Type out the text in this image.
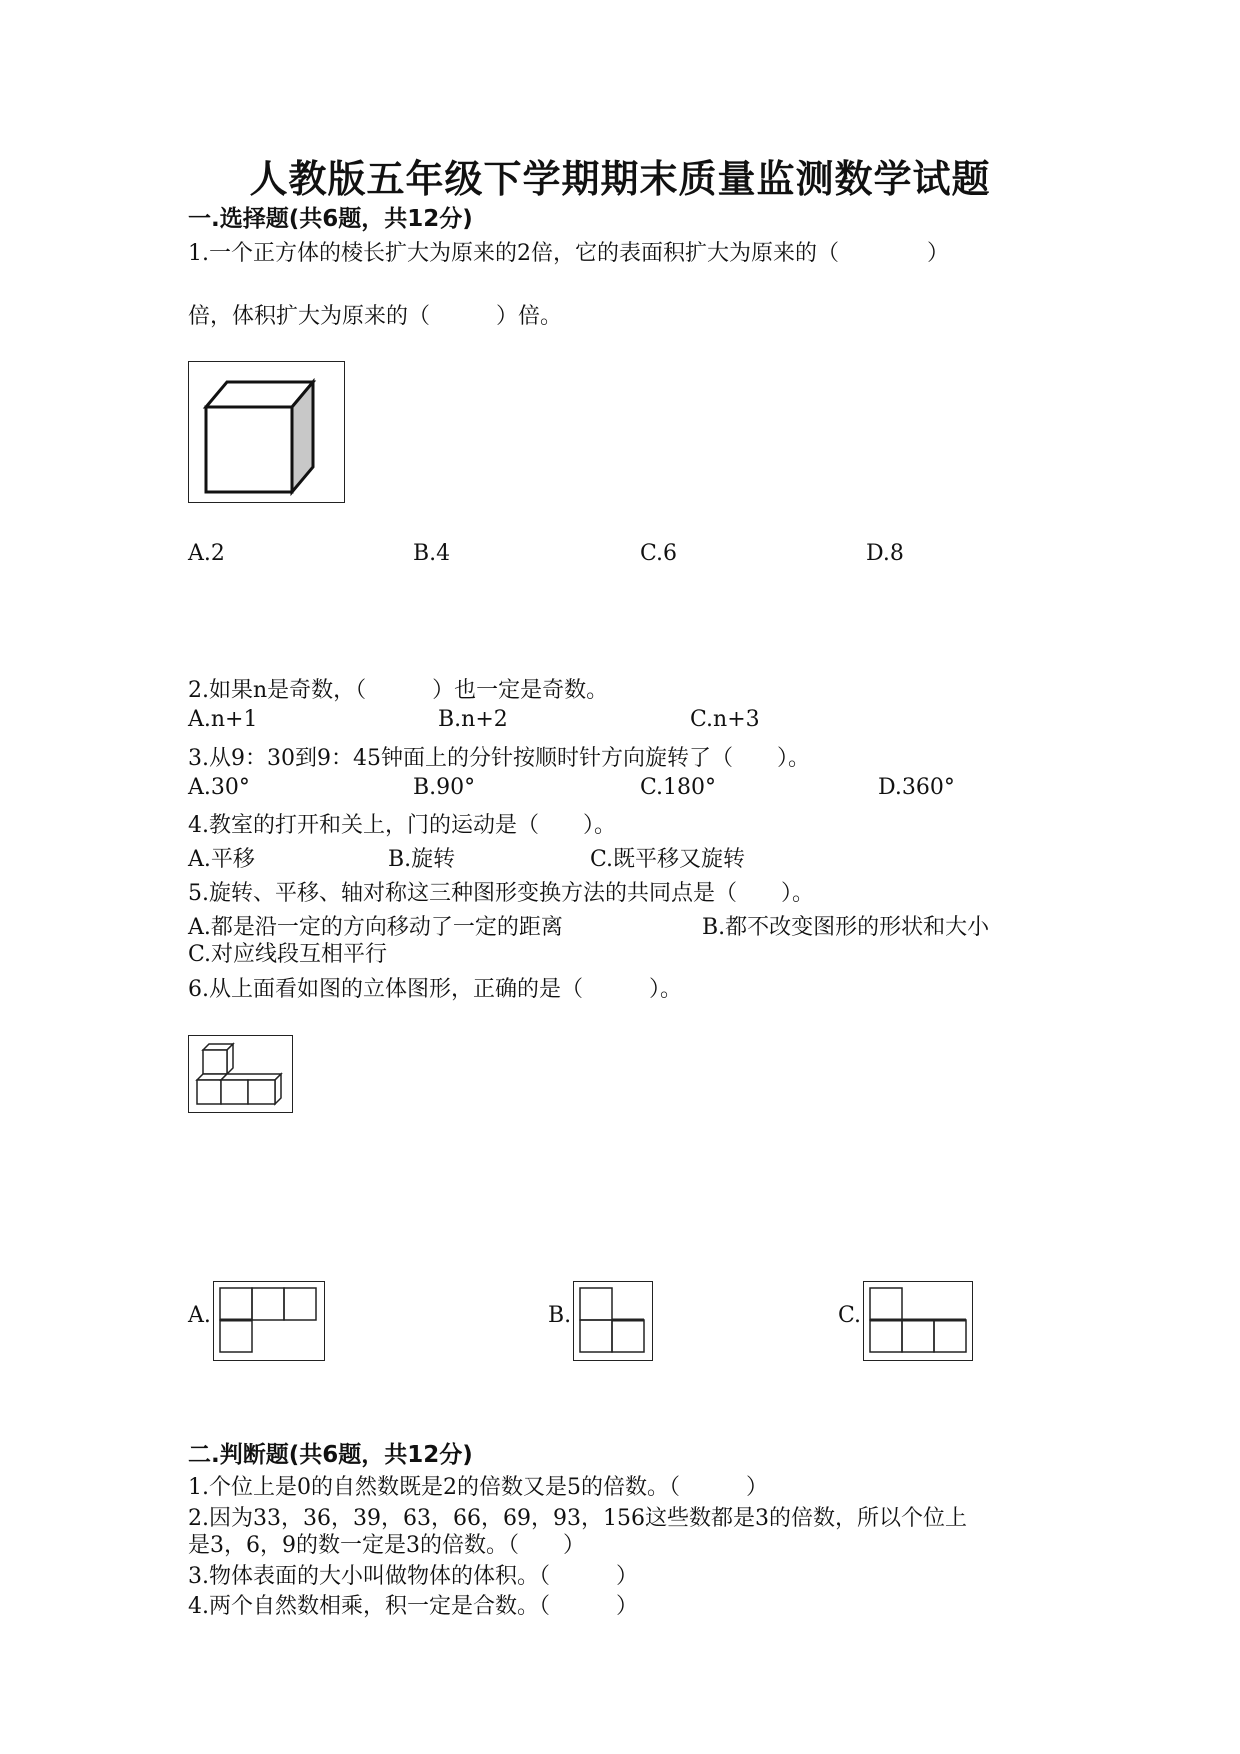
人教版五年级下学期期末质量监测数学试题
一.选择题(共6题，共12分)
1.一个正方体的棱长扩大为原来的2倍，它的表面积扩大为原来的（　　　　）
倍，体积扩大为原来的（　　　）倍。
A.2	B.4	C.6	D.8
2.如果n是奇数，（　　　）也一定是奇数。
A.n+1	B.n+2	C.n+3
3.从9：30到9：45钟面上的分针按顺时针方向旋转了（　　）。
A.30°	B.90°	C.180°	D.360°
4.教室的打开和关上，门的运动是（　　）。
A.平移	B.旋转	C.既平移又旋转
5.旋转、平移、轴对称这三种图形变换方法的共同点是（　　）。
A.都是沿一定的方向移动了一定的距离	B.都不改变图形的形状和大小
C.对应线段互相平行
6.从上面看如图的立体图形，正确的是（　　　）。
A.	B.	C.
二.判断题(共6题，共12分)
1.个位上是0的自然数既是2的倍数又是5的倍数。（　　　）
2.因为33，36，39，63，66，69，93，156这些数都是3的倍数，所以个位上
是3，6，9的数一定是3的倍数。（　　）
3.物体表面的大小叫做物体的体积。（　　　）
4.两个自然数相乘，积一定是合数。（　　　）
